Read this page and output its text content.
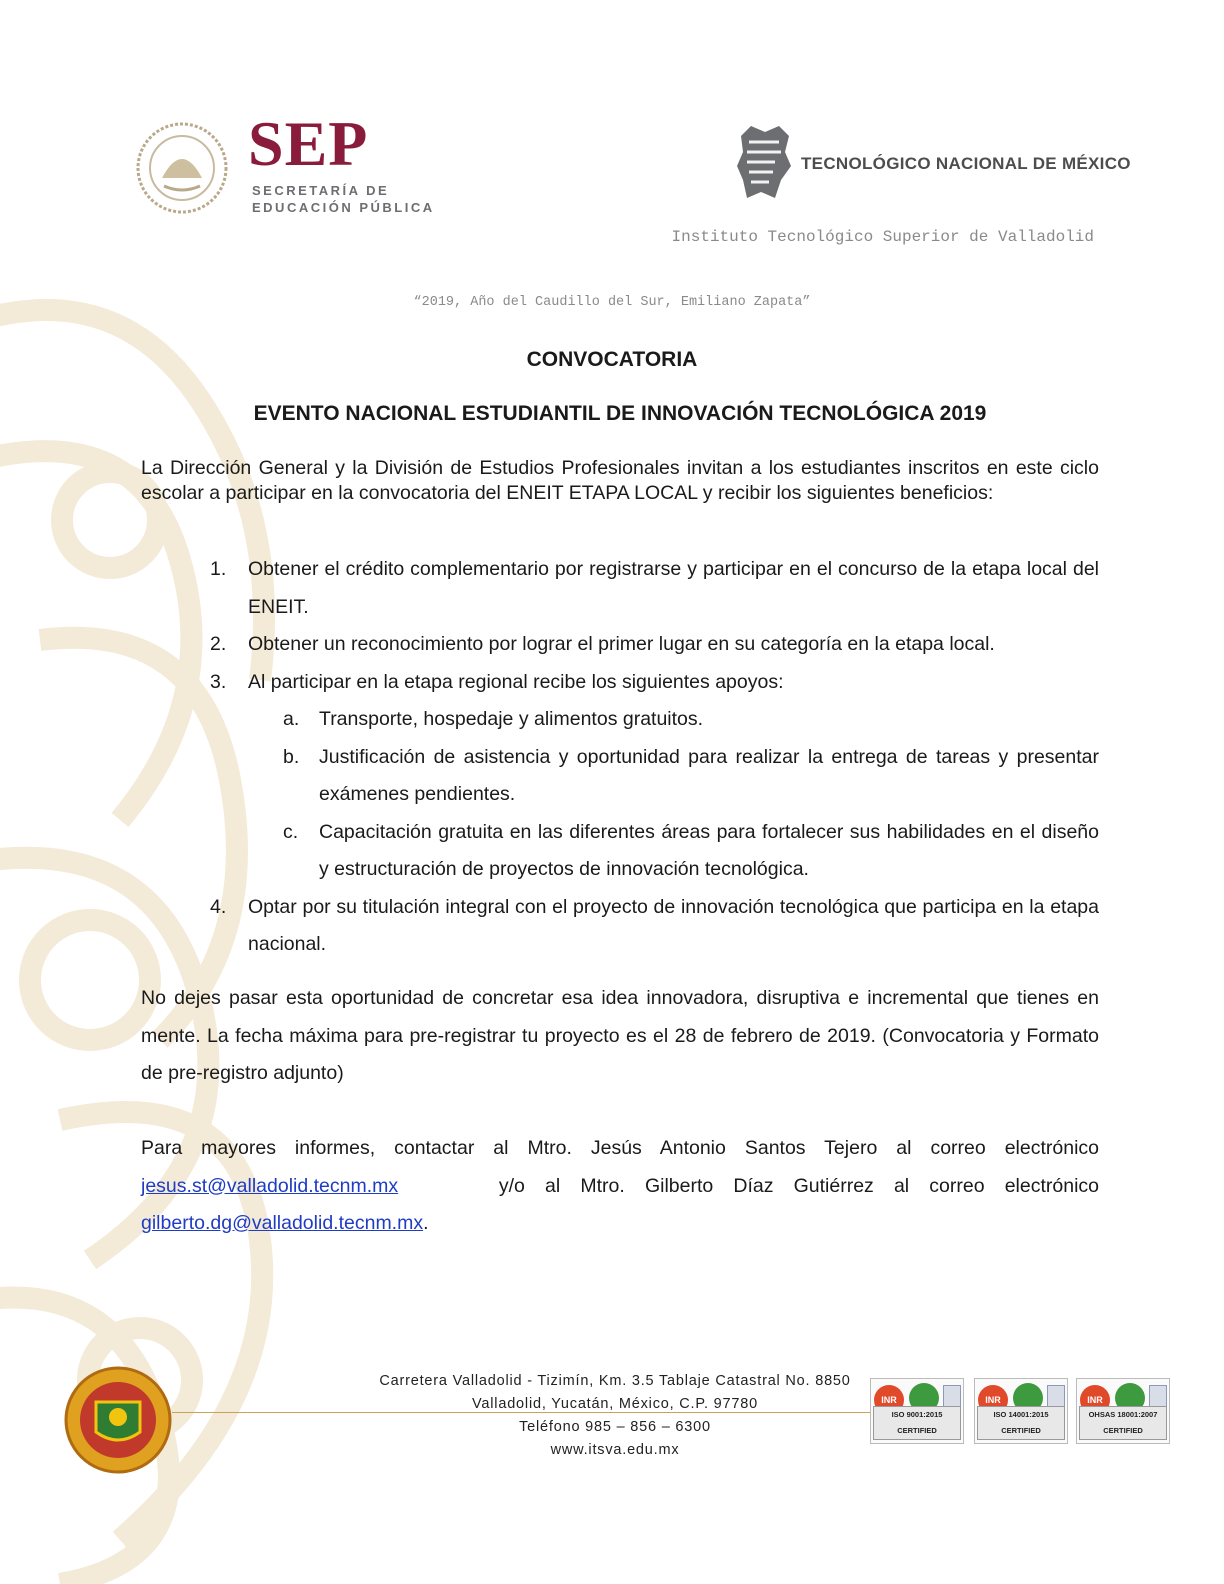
SEP
SECRETARÍA DE
EDUCACIÓN PÚBLICA
TECNOLÓGICO NACIONAL DE MÉXICO
Instituto Tecnológico Superior de Valladolid
“2019, Año del Caudillo del Sur, Emiliano Zapata”
CONVOCATORIA
EVENTO NACIONAL ESTUDIANTIL DE INNOVACIÓN TECNOLÓGICA 2019
La Dirección General y la División de Estudios Profesionales invitan a los estudiantes inscritos en este ciclo escolar a participar en la convocatoria del ENEIT ETAPA LOCAL y recibir los siguientes beneficios:
1. Obtener el crédito complementario por registrarse y participar en el concurso de la etapa local del ENEIT.
2. Obtener un reconocimiento por lograr el primer lugar en su categoría en la etapa local.
3. Al participar en la etapa regional recibe los siguientes apoyos:
a. Transporte, hospedaje y alimentos gratuitos.
b. Justificación de asistencia y oportunidad para realizar la entrega de tareas y presentar exámenes pendientes.
c. Capacitación gratuita en las diferentes áreas para fortalecer sus habilidades en el diseño y estructuración de proyectos de innovación tecnológica.
4. Optar por su titulación integral con el proyecto de innovación tecnológica que participa en la etapa nacional.
No dejes pasar esta oportunidad de concretar esa idea innovadora, disruptiva e incremental que tienes en mente. La fecha máxima para pre-registrar tu proyecto es el 28 de febrero de 2019. (Convocatoria y Formato de pre-registro adjunto)
Para mayores informes, contactar al Mtro. Jesús Antonio Santos Tejero al correo electrónico jesus.st@valladolid.tecnm.mx	y/o al Mtro. Gilberto Díaz Gutiérrez al correo electrónico gilberto.dg@valladolid.tecnm.mx.
Carretera Valladolid - Tizimín, Km. 3.5 Tablaje Catastral No. 8850
Valladolid, Yucatán, México, C.P. 97780
Teléfono 985 – 856 – 6300
www.itsva.edu.mx
INR
ISO 9001:2015 CERTIFIED
INR
ISO 14001:2015 CERTIFIED
INR
OHSAS 18001:2007 CERTIFIED
